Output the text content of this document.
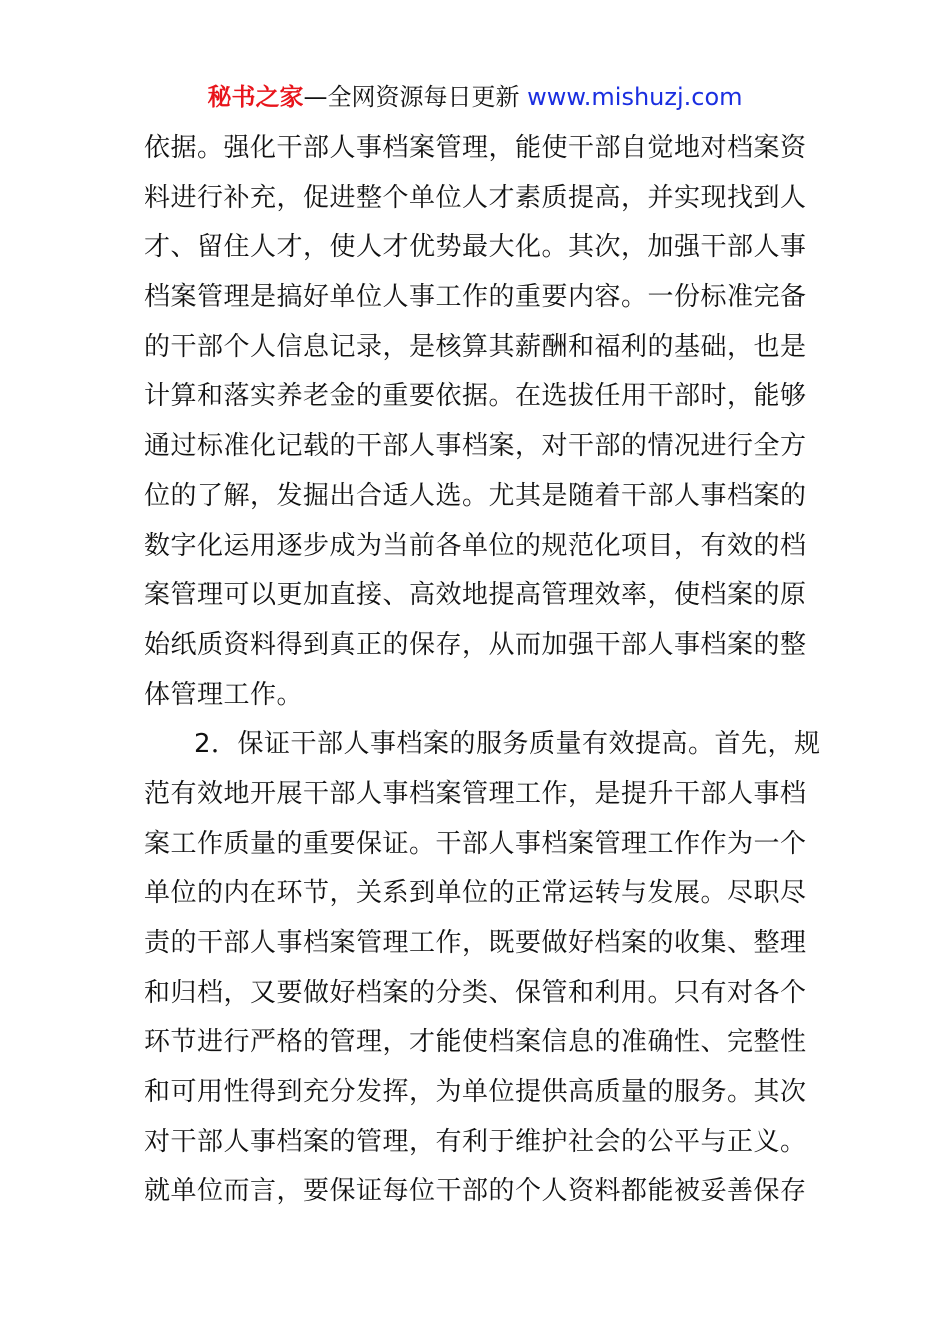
秘书之家—全网资源每日更新 www.mishuzj.com
依据。强化干部人事档案管理，能使干部自觉地对档案资
料进行补充，促进整个单位人才素质提高，并实现找到人
才、留住人才，使人才优势最大化。其次，加强干部人事
档案管理是搞好单位人事工作的重要内容。一份标准完备
的干部个人信息记录，是核算其薪酬和福利的基础，也是
计算和落实养老金的重要依据。在选拔任用干部时，能够
通过标准化记载的干部人事档案，对干部的情况进行全方
位的了解，发掘出合适人选。尤其是随着干部人事档案的
数字化运用逐步成为当前各单位的规范化项目，有效的档
案管理可以更加直接、高效地提高管理效率，使档案的原
始纸质资料得到真正的保存，从而加强干部人事档案的整
体管理工作。
2．保证干部人事档案的服务质量有效提高。首先，规
范有效地开展干部人事档案管理工作，是提升干部人事档
案工作质量的重要保证。干部人事档案管理工作作为一个
单位的内在环节，关系到单位的正常运转与发展。尽职尽
责的干部人事档案管理工作，既要做好档案的收集、整理
和归档，又要做好档案的分类、保管和利用。只有对各个
环节进行严格的管理，才能使档案信息的准确性、完整性
和可用性得到充分发挥，为单位提供高质量的服务。其次
对干部人事档案的管理，有利于维护社会的公平与正义。
就单位而言，要保证每位干部的个人资料都能被妥善保存
